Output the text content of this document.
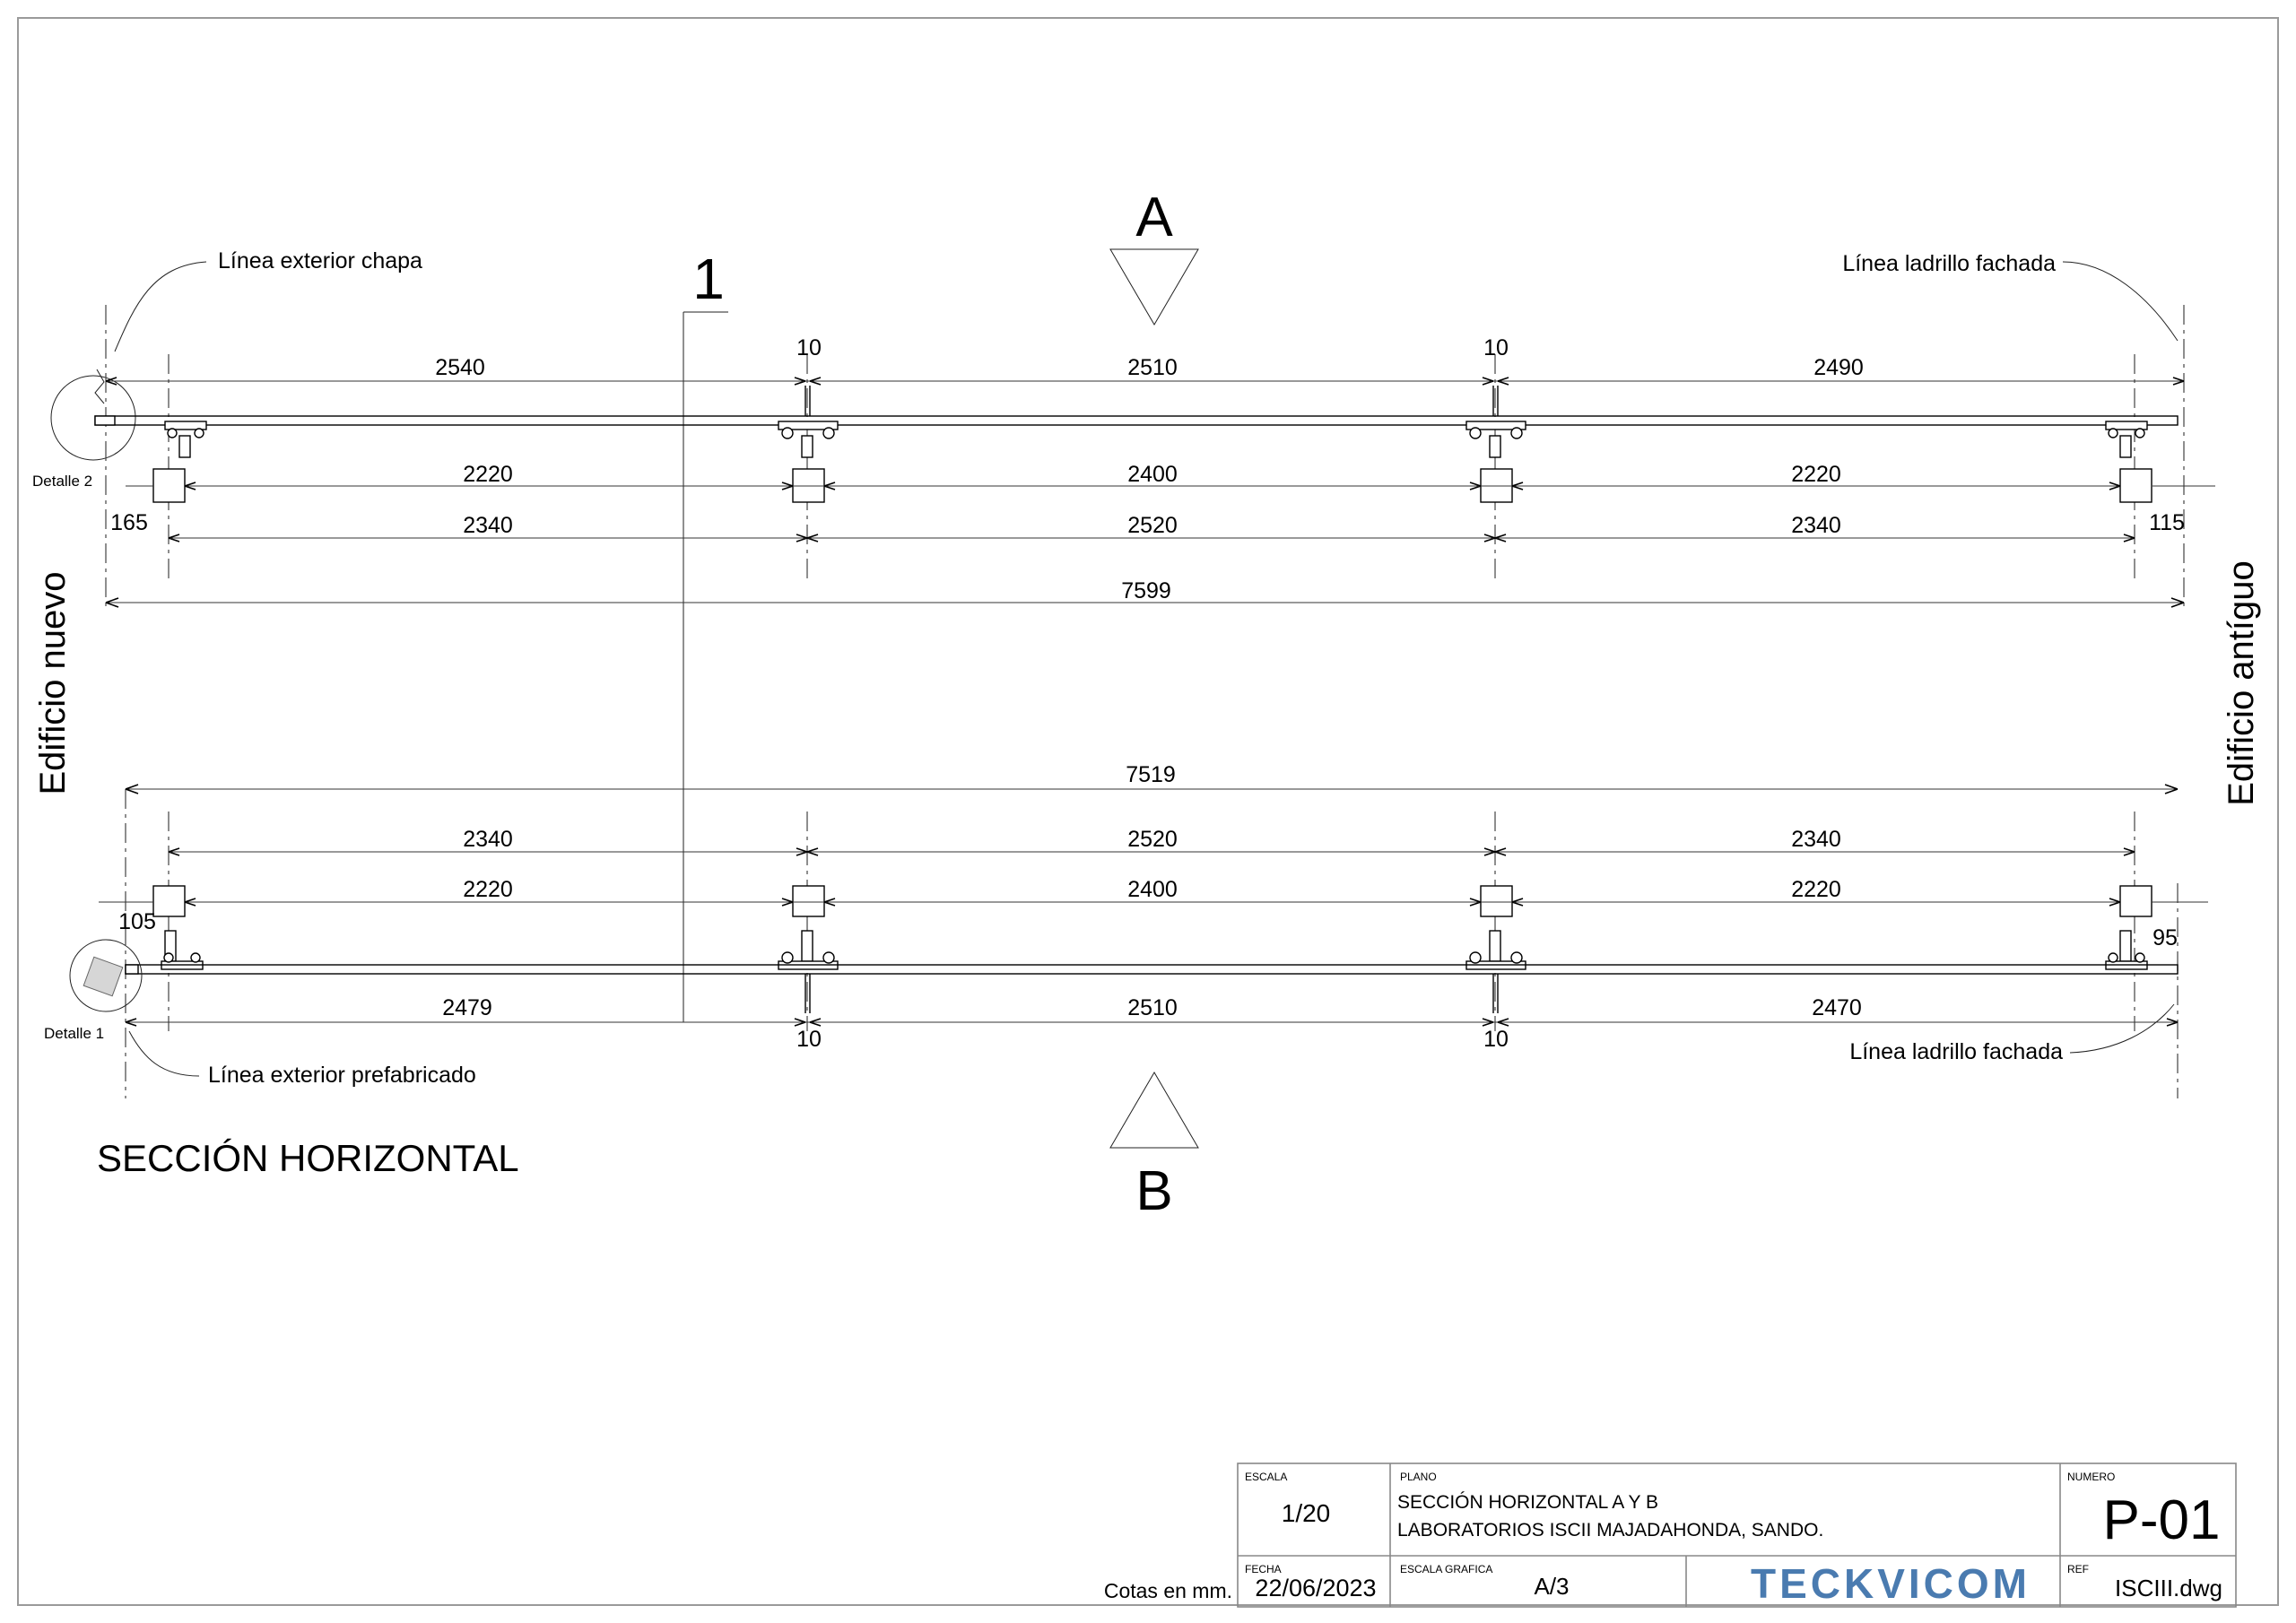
A
1
Línea exterior chapa	Línea ladrillo fachada
Detalle 2
10	10
2540	2510	2490
2220	2400	2220
2340	2520	2340
165	115
7599
Edificio nuevo	Edificio antíguo
Detalle 1
7519
2340	2520	2340
2220	2400	2220
105
95
2479	2510	2470
10	10
Línea exterior prefabricado
Línea ladrillo fachada
B
SECCIÓN HORIZONTAL
ESCALA
1/20
PLANO
SECCIÓN HORIZONTAL A Y B
LABORATORIOS ISCII MAJADAHONDA, SANDO.
NUMERO
P-01
FECHA
22/06/2023
ESCALA GRAFICA
A/3	TECKVICOM	REF
ISCIII.dwg
Cotas en mm.
